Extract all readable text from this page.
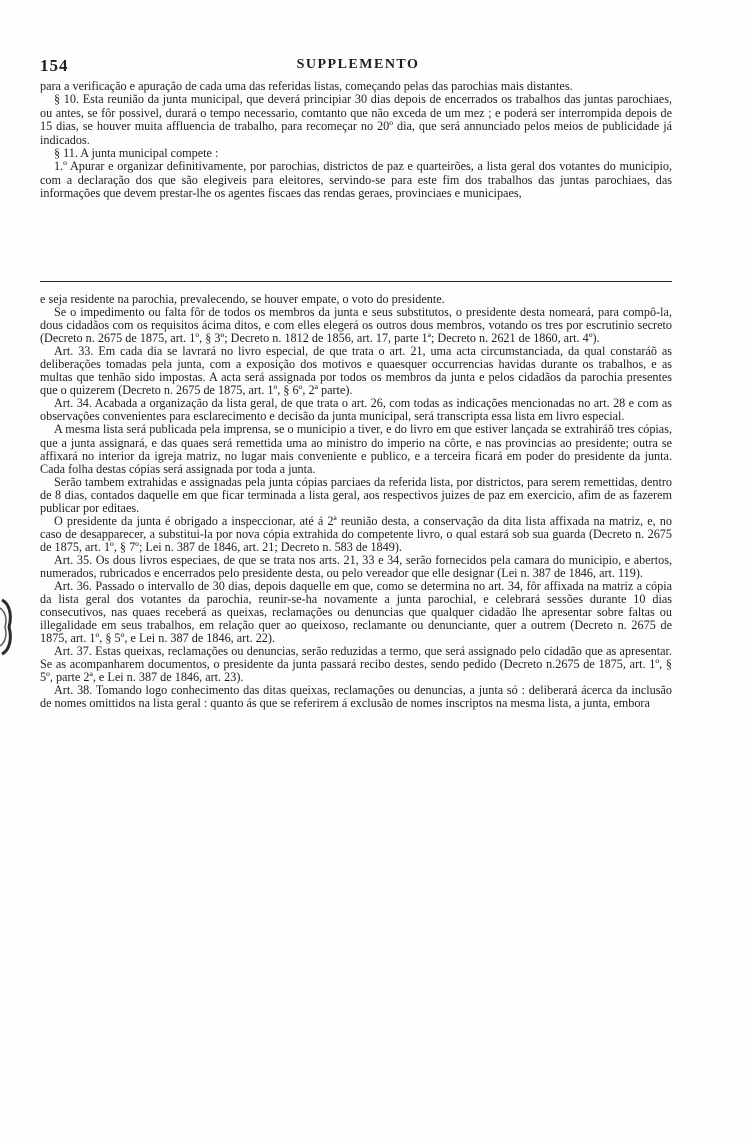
154	SUPPLEMENTO

para a verificação e apuração de cada uma das referidas listas, começando pelas das parochias mais distantes.

§ 10. Esta reunião da junta municipal, que deverá principiar 30 dias depois de encerrados os trabalhos das juntas parochiaes, ou antes, se fôr possivel, durará o tempo necessario, comtanto que não exceda de um mez ; e poderá ser interrompida depois de 15 dias, se houver muita affluencia de trabalho, para recomeçar no 20º dia, que será annunciado pelos meios de publicidade já indicados.

§ 11. A junta municipal compete :

1.º Apurar e organizar definitivamente, por parochias, districtos de paz e quarteirões, a lista geral dos votantes do municipio, com a declaração dos que são elegiveis para eleitores, servindo-se para este fim dos trabalhos das juntas parochiaes, das informações que devem prestar-lhe os agentes fiscaes das rendas geraes, provinciaes e municipaes,

e seja residente na parochia, prevalecendo, se houver empate, o voto do presidente.

Se o impedimento ou falta fôr de todos os membros da junta e seus substitutos, o presidente desta nomeará, para compô-la, dous cidadãos com os requisitos ácima ditos, e com elles elegerá os outros dous membros, votando os tres por escrutinio secreto (Decreto n. 2675 de 1875, art. 1º, § 3º; Decreto n. 1812 de 1856, art. 17, parte 1ª; Decreto n. 2621 de 1860, art. 4º).

Art. 33. Em cada dia se lavrará no livro especial, de que trata o art. 21, uma acta circumstanciada, da qual constaráõ as deliberações tomadas pela junta, com a exposição dos motivos e quaesquer occurrencias havidas durante os trabalhos, e as multas que tenhão sido impostas. A acta será assignada por todos os membros da junta e pelos cidadãos da parochia presentes que o quizerem (Decreto n. 2675 de 1875, art. 1º, § 6º, 2ª parte).

Art. 34. Acabada a organização da lista geral, de que trata o art. 26, com todas as indicações mencionadas no art. 28 e com as observações convenientes para esclarecimento e decisão da junta municipal, será transcripta essa lista em livro especial.

A mesma lista será publicada pela imprensa, se o municipio a tiver, e do livro em que estiver lançada se extrahiráõ tres cópias, que a junta assignará, e das quaes será remettida uma ao ministro do imperio na côrte, e nas provincias ao presidente; outra se affixará no interior da igreja matriz, no lugar mais conveniente e publico, e a terceira ficará em poder do presidente da junta. Cada folha destas cópias será assignada por toda a junta.

Serão tambem extrahidas e assignadas pela junta cópias parciaes da referida lista, por districtos, para serem remettidas, dentro de 8 dias, contados daquelle em que ficar terminada a lista geral, aos respectivos juizes de paz em exercicio, afim de as fazerem publicar por editaes.

O presidente da junta é obrigado a inspeccionar, até á 2ª reunião desta, a conservação da dita lista affixada na matriz, e, no caso de desapparecer, a substitui-la por nova cópia extrahida do competente livro, o qual estará sob sua guarda (Decreto n. 2675 de 1875, art. 1º, § 7º; Lei n. 387 de 1846, art. 21; Decreto n. 583 de 1849).

Art. 35. Os dous livros especiaes, de que se trata nos arts. 21, 33 e 34, serão fornecidos pela camara do municipio, e abertos, numerados, rubricados e encerrados pelo presidente desta, ou pelo vereador que elle designar (Lei n. 387 de 1846, art. 119).

Art. 36. Passado o intervallo de 30 dias, depois daquelle em que, como se determina no art. 34, fôr affixada na matriz a cópia da lista geral dos votantes da parochia, reunir-se-ha novamente a junta parochial, e celebrará sessões durante 10 dias consecutivos, nas quaes receberá as queixas, reclamações ou denuncias que qualquer cidadão lhe apresentar sobre faltas ou illegalidade em seus trabalhos, em relação quer ao queixoso, reclamante ou denunciante, quer a outrem (Decreto n. 2675 de 1875, art. 1º, § 5º, e Lei n. 387 de 1846, art. 22).

Art. 37. Estas queixas, reclamações ou denuncias, serão reduzidas a termo, que será assignado pelo cidadão que as apresentar. Se as acompanharem documentos, o presidente da junta passará recibo destes, sendo pedido (Decreto n.2675 de 1875, art. 1º, § 5º, parte 2ª, e Lei n. 387 de 1846, art. 23).

Art. 38. Tomando logo conhecimento das ditas queixas, reclamações ou denuncias, a junta só : deliberará ácerca da inclusão de nomes omittidos na lista geral : quanto ás que se referirem á exclusão de nomes inscriptos na mesma lista, a junta, embora
